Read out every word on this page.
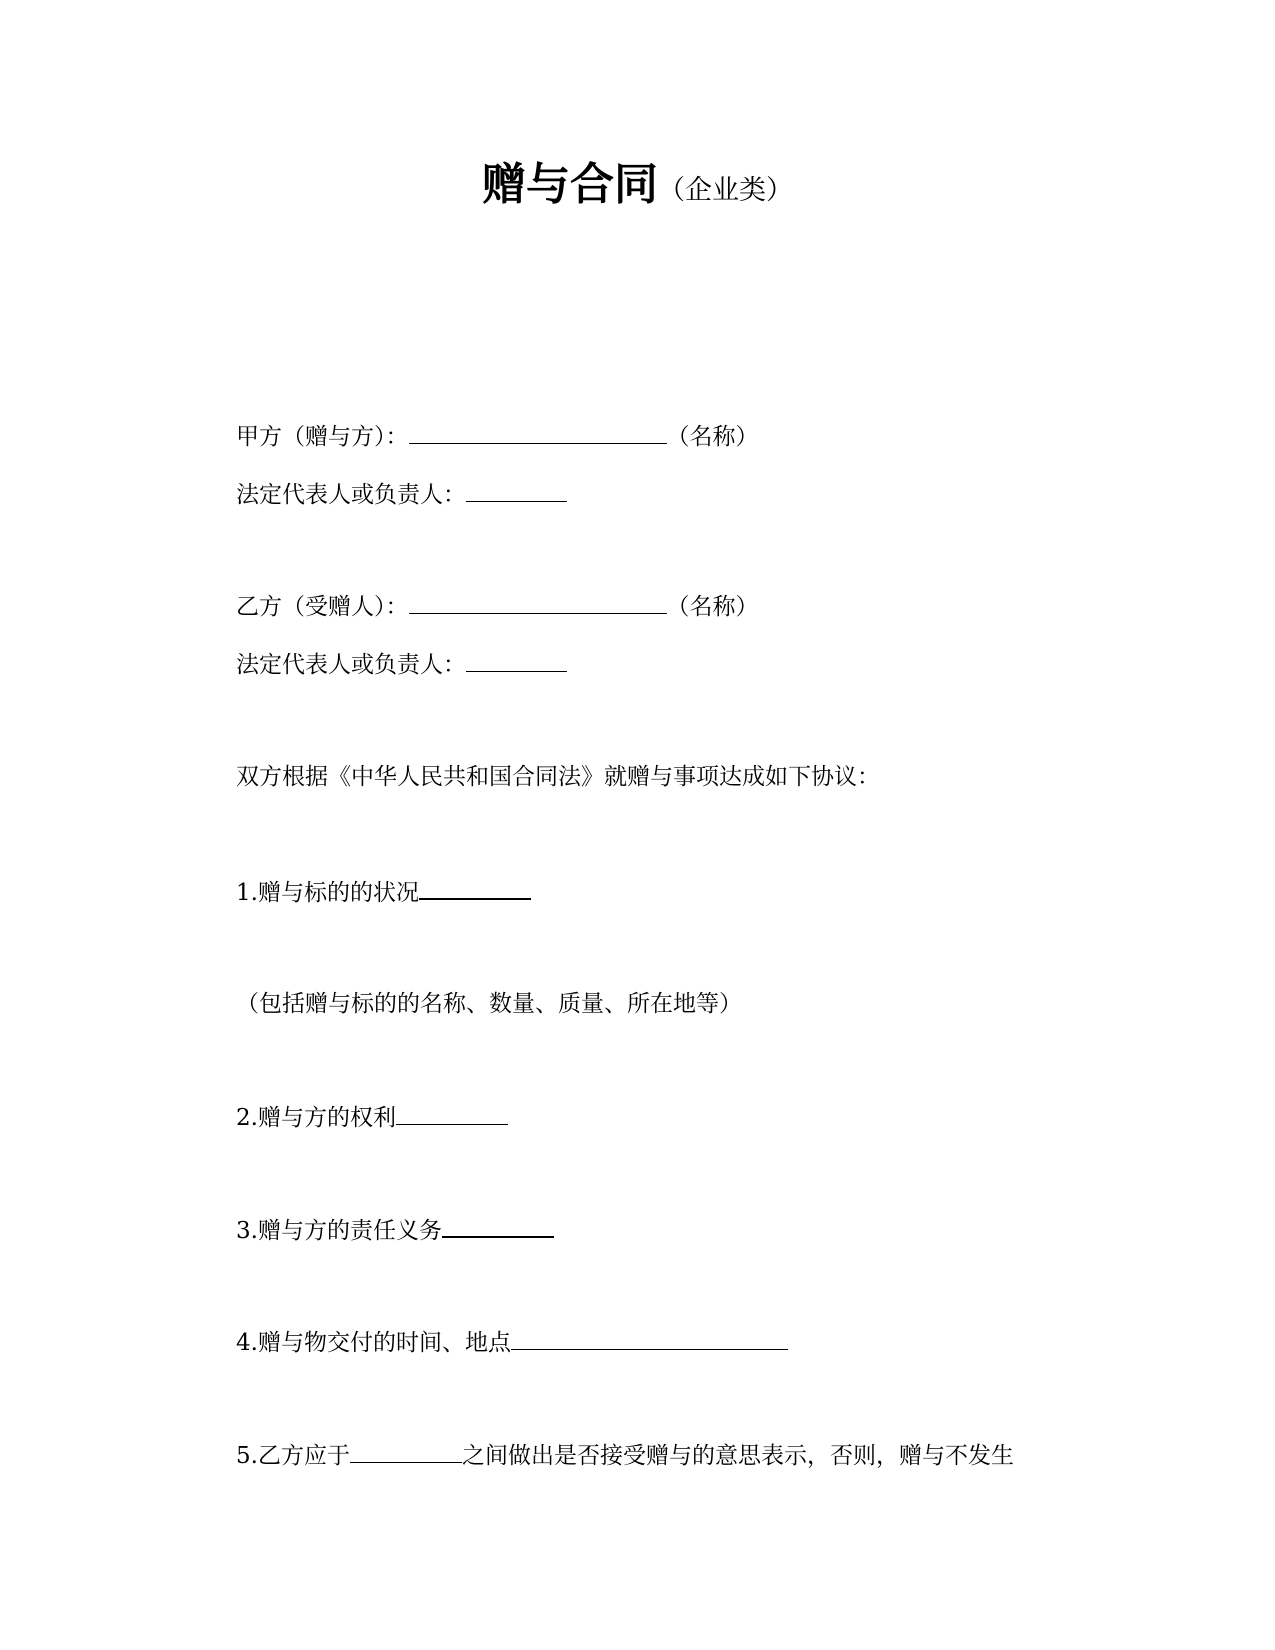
赠与合同（企业类）
甲方（赠与方）：	（名称）
法定代表人或负责人：
乙方（受赠人）：	（名称）
法定代表人或负责人：
双方根据《中华人民共和国合同法》就赠与事项达成如下协议：
1.赠与标的的状况
（包括赠与标的的名称、数量、质量、所在地等）
2.赠与方的权利
3.赠与方的责任义务
4.赠与物交付的时间、地点
5.乙方应于	之间做出是否接受赠与的意思表示，否则，赠与不发生
